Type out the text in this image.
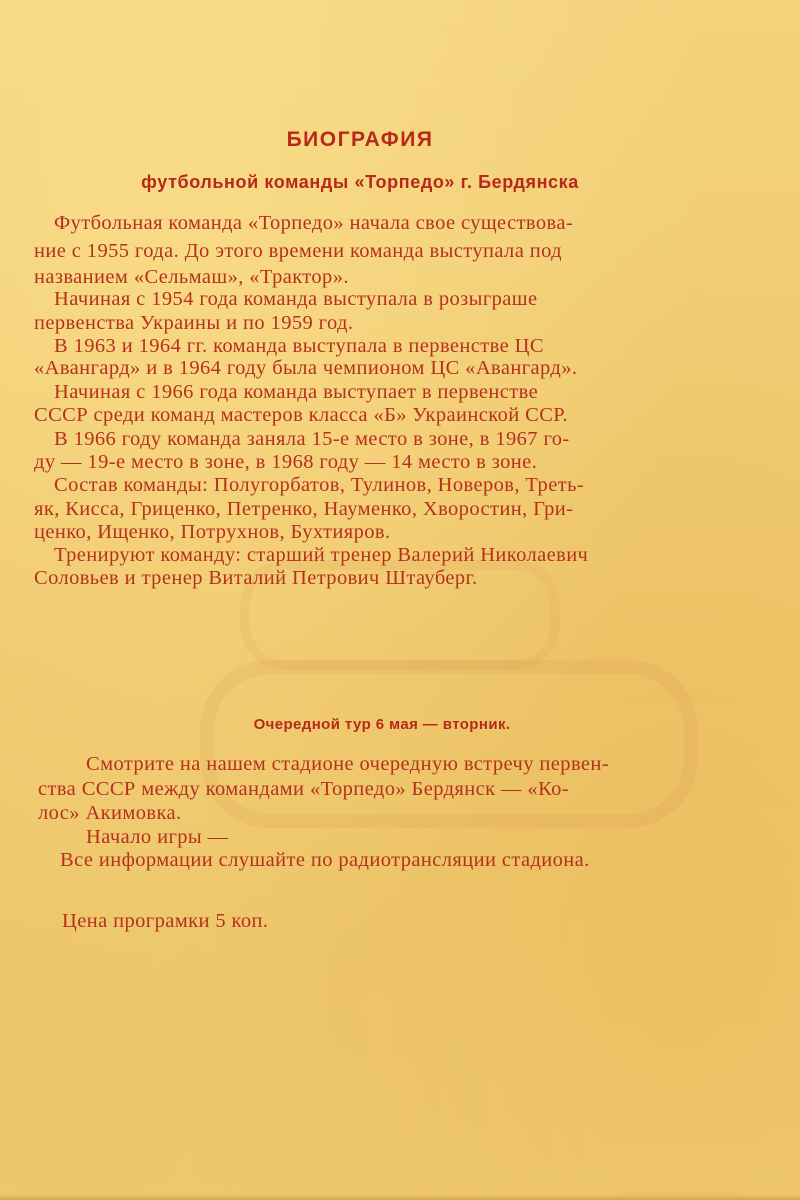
БИОГРАФИЯ
футбольной команды «Торпедо» г. Бердянска
Футбольная команда «Торпедо» начала свое существова-
ние с 1955 года. До этого времени команда выступала под
названием «Сельмаш», «Трактор».
Начиная с 1954 года команда выступала в розыграше
первенства Украины и по 1959 год.
В 1963 и 1964 гг. команда выступала в первенстве ЦС
«Авангард» и в 1964 году была чемпионом ЦС «Авангард».
Начиная с 1966 года команда выступает в первенстве
СССР среди команд мастеров класса «Б» Украинской ССР.
В 1966 году команда заняла 15-е место в зоне, в 1967 го-
ду — 19-е место в зоне, в 1968 году — 14 место в зоне.
Состав команды: Полугорбатов, Тулинов, Новеров, Треть-
як, Кисса, Гриценко, Петренко, Науменко, Хворостин, Гри-
ценко, Ищенко, Потрухнов, Бухтияров.
Тренируют команду: старший тренер Валерий Николаевич
Соловьев и тренер Виталий Петрович Штауберг.
Очередной тур 6 мая — вторник.
Смотрите на нашем стадионе очередную встречу первен-
ства СССР между командами «Торпедо» Бердянск — «Ко-
лос» Акимовка.
Начало игры —
Все информации слушайте по радиотрансляции стадиона.
Цена програмки 5 коп.
